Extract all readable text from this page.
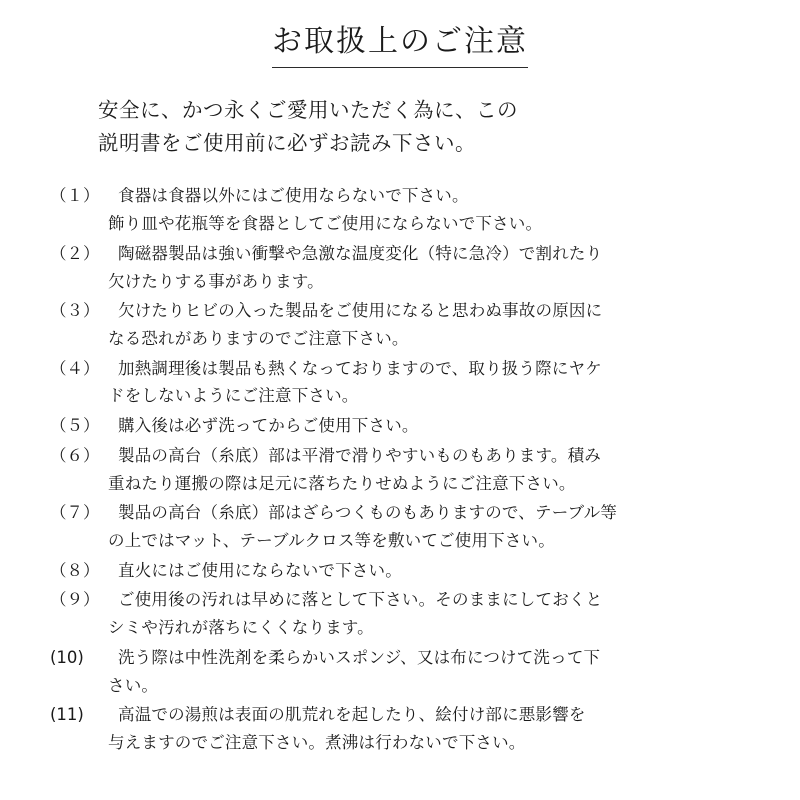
お取扱上のご注意
安全に、かつ永くご愛用いただく為に、この
説明書をご使用前に必ずお読み下さい。
（１）	食器は食器以外にはご使用ならないで下さい。
飾り皿や花瓶等を食器としてご使用にならないで下さい。
（２）	陶磁器製品は強い衝撃や急激な温度変化（特に急冷）で割れたり
欠けたりする事があります。
（３）	欠けたりヒビの入った製品をご使用になると思わぬ事故の原因に
なる恐れがありますのでご注意下さい。
（４）	加熱調理後は製品も熱くなっておりますので、取り扱う際にヤケ
ドをしないようにご注意下さい。
（５）	購入後は必ず洗ってからご使用下さい。
（６）	製品の高台（糸底）部は平滑で滑りやすいものもあります。積み
重ねたり運搬の際は足元に落ちたりせぬようにご注意下さい。
（７）	製品の高台（糸底）部はざらつくものもありますので、テーブル等
の上ではマット、テーブルクロス等を敷いてご使用下さい。
（８）	直火にはご使用にならないで下さい。
（９）	ご使用後の汚れは早めに落として下さい。そのままにしておくと
シミや汚れが落ちにくくなります。
(10)	洗う際は中性洗剤を柔らかいスポンジ、又は布につけて洗って下
さい。
(11)	高温での湯煎は表面の肌荒れを起したり、絵付け部に悪影響を
与えますのでご注意下さい。煮沸は行わないで下さい。
